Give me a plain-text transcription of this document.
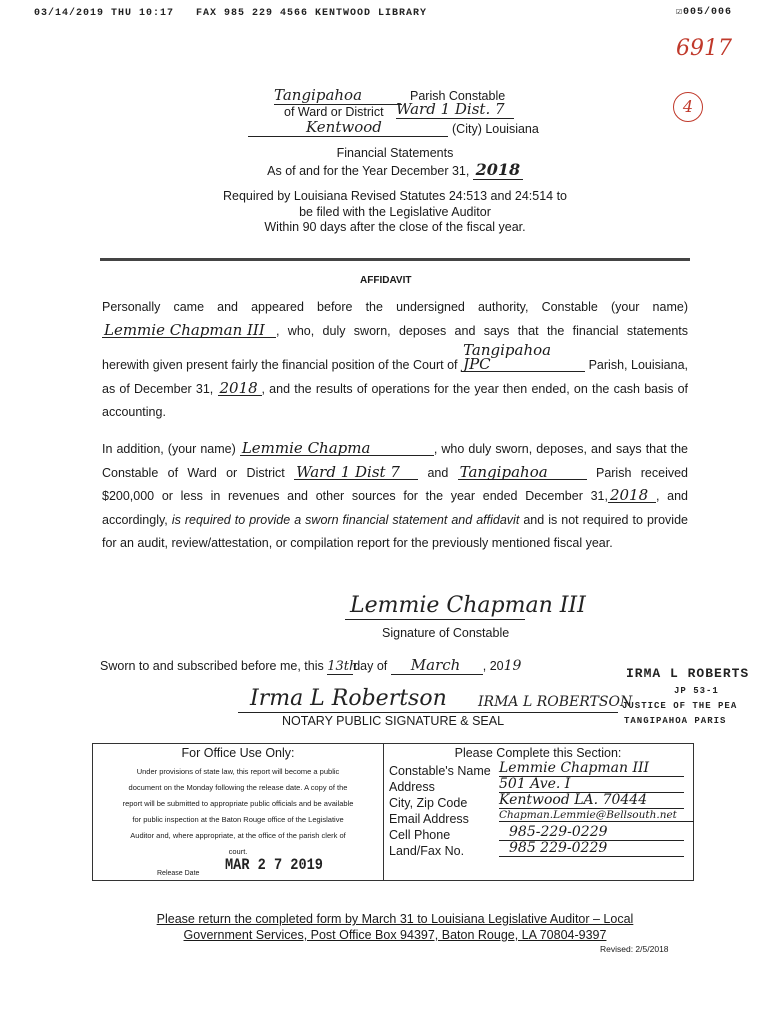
03/14/2019 THU 10:17 FAX 985 229 4566 KENTWOOD LIBRARY	☑005/006
6917
4
Tangipahoa	Parish Constable
of Ward or District Ward 1 Dist. 7
Kentwood	(City) Louisiana
Financial Statements
As of and for the Year December 31, 2018
Required by Louisiana Revised Statutes 24:513 and 24:514 to
be filed with the Legislative Auditor
Within 90 days after the close of the fiscal year.
AFFIDAVIT
Personally came and appeared before the undersigned authority, Constable (your name) Lemmie Chapman III , who, duly sworn, deposes and says that the financial statements herewith given present fairly the financial position of the Court of Tangipahoa JPC	Parish, Louisiana, as of December 31, 2018 , and the results of operations for the year then ended, on the cash basis of accounting.
In addition, (your name) Lemmie Chapma	, who duly sworn, deposes, and says that the Constable of Ward or District Ward 1 Dist 7 and Tangipahoa	Parish received $200,000 or less in revenues and other sources for the year ended December 31, 2018 , and accordingly, is required to provide a sworn financial statement and affidavit and is not required to provide for an audit, review/attestation, or compilation report for the previously mentioned fiscal year.
Lemmie Chapman III
Signature of Constable
Sworn to and subscribed before me, this 13thday of March , 2019
Irma L Robertson IRMA L ROBERTSON
NOTARY PUBLIC SIGNATURE & SEAL
IRMA L ROBERTS
JP 53-1
JUSTICE OF THE PEA
TANGIPAHOA PARIS
For Office Use Only:
Under provisions of state law, this report will become a public
document on the Monday following the release date. A copy of the
report will be submitted to appropriate public officials and be available
for public inspection at the Baton Rouge office of the Legislative
Auditor and, where appropriate, at the office of the parish clerk of
court.
Release Date MAR 2 7 2019
Please Complete this Section:
Constable's Name Lemmie Chapman III
Address	501 Ave. I
City, Zip Code Kentwood LA. 70444
Email Address	Chapman.Lemmie@Bellsouth.net
Cell Phone	985-229-0229
Land/Fax No.	985 229-0229
Please return the completed form by March 31 to Louisiana Legislative Auditor – Local
Government Services, Post Office Box 94397, Baton Rouge, LA 70804-9397
Revised: 2/5/2018
